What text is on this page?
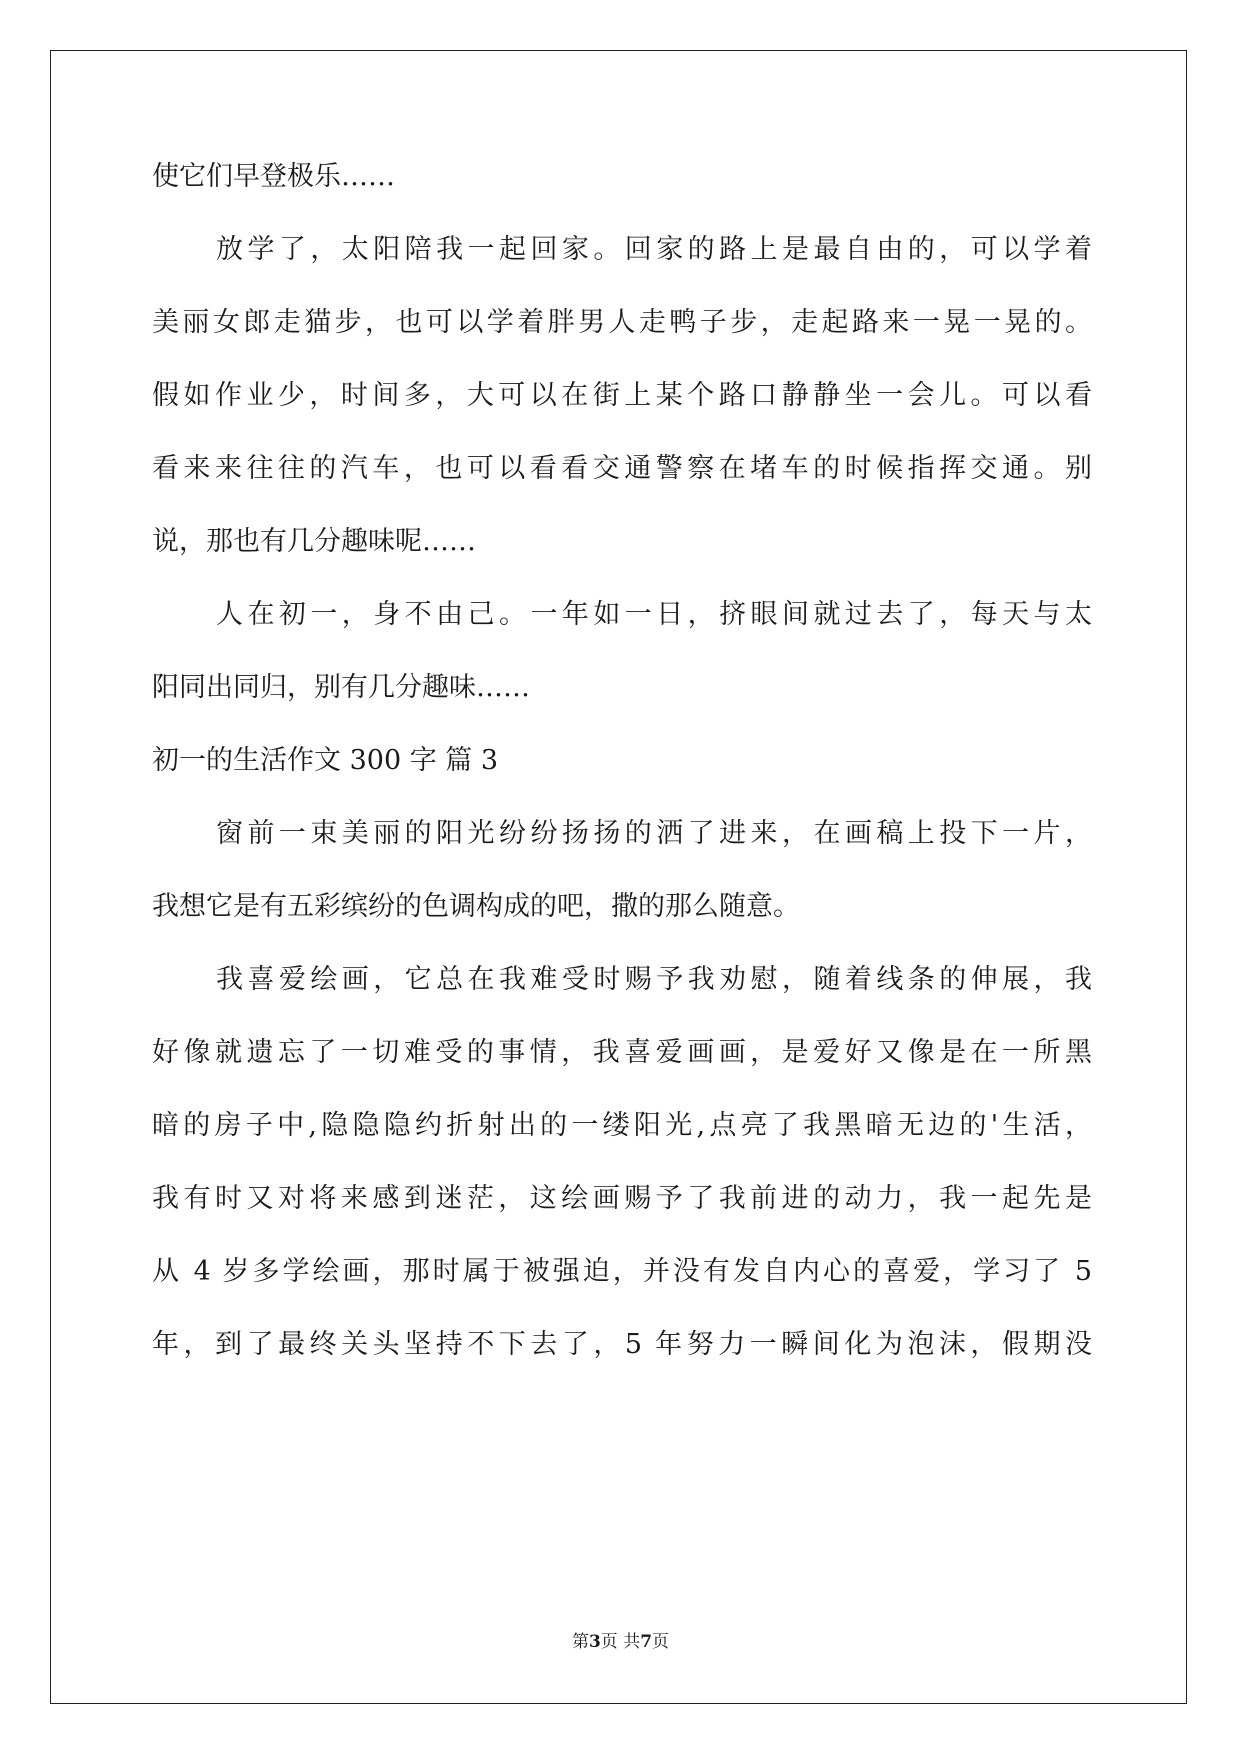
使它们早登极乐……
放学了，太阳陪我一起回家。回家的路上是最自由的，可以学着
美丽女郎走猫步，也可以学着胖男人走鸭子步，走起路来一晃一晃的。
假如作业少，时间多，大可以在街上某个路口静静坐一会儿。可以看
看来来往往的汽车，也可以看看交通警察在堵车的时候指挥交通。别
说，那也有几分趣味呢……
人在初一，身不由己。一年如一日，挤眼间就过去了，每天与太
阳同出同归，别有几分趣味……
初一的生活作文 300 字 篇 3
窗前一束美丽的阳光纷纷扬扬的洒了进来，在画稿上投下一片，
我想它是有五彩缤纷的色调构成的吧，撒的那么随意。
我喜爱绘画，它总在我难受时赐予我劝慰，随着线条的伸展，我
好像就遗忘了一切难受的事情，我喜爱画画，是爱好又像是在一所黑
暗的房子中,隐隐隐约折射出的一缕阳光,点亮了我黑暗无边的'生活，
我有时又对将来感到迷茫，这绘画赐予了我前进的动力，我一起先是
从 4 岁多学绘画，那时属于被强迫，并没有发自内心的喜爱，学习了 5
年，到了最终关头坚持不下去了，5 年努力一瞬间化为泡沫，假期没
第3页 共7页
